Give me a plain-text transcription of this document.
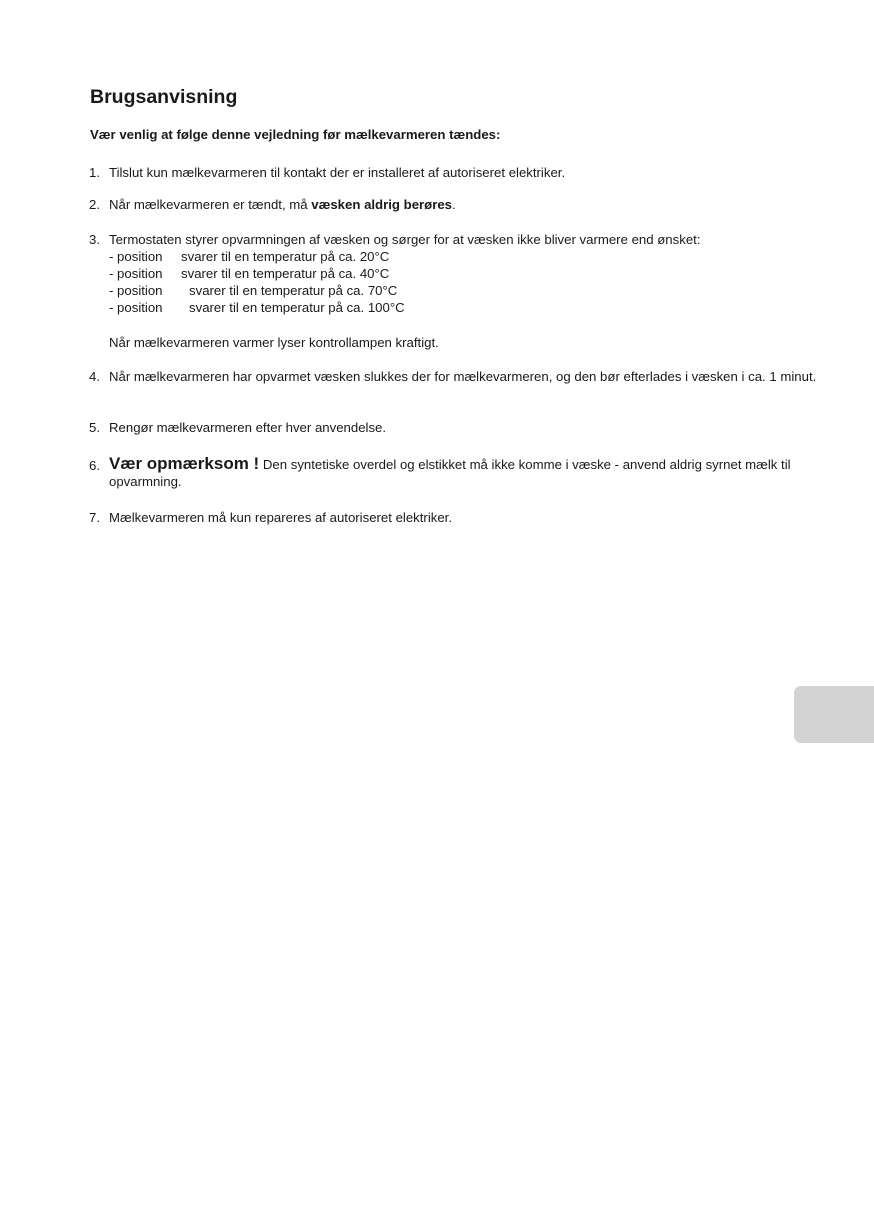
Brugsanvisning

Vær venlig at følge denne vejledning før mælkevarmeren tændes:

1. Tilslut kun mælkevarmeren til kontakt der er installeret af autoriseret elektriker.
2. Når mælkevarmeren er tændt, må væsken aldrig berøres.
3. Termostaten styrer opvarmningen af væsken og sørger for at væsken ikke bliver varmere end ønsket:
- position svarer til en temperatur på ca. 20°C
- position svarer til en temperatur på ca. 40°C
- position svarer til en temperatur på ca. 70°C
- position svarer til en temperatur på ca. 100°C
Når mælkevarmeren varmer lyser kontrollampen kraftigt.
4. Når mælkevarmeren har opvarmet væsken slukkes der for mælkevarmeren, og den bør efterlades i væsken i ca. 1 minut.
5. Rengør mælkevarmeren efter hver anvendelse.
6. Vær opmærksom ! Den syntetiske overdel og elstikket må ikke komme i væske - anvend aldrig syrnet mælk til opvarmning.
7. Mælkevarmeren må kun repareres af autoriseret elektriker.
